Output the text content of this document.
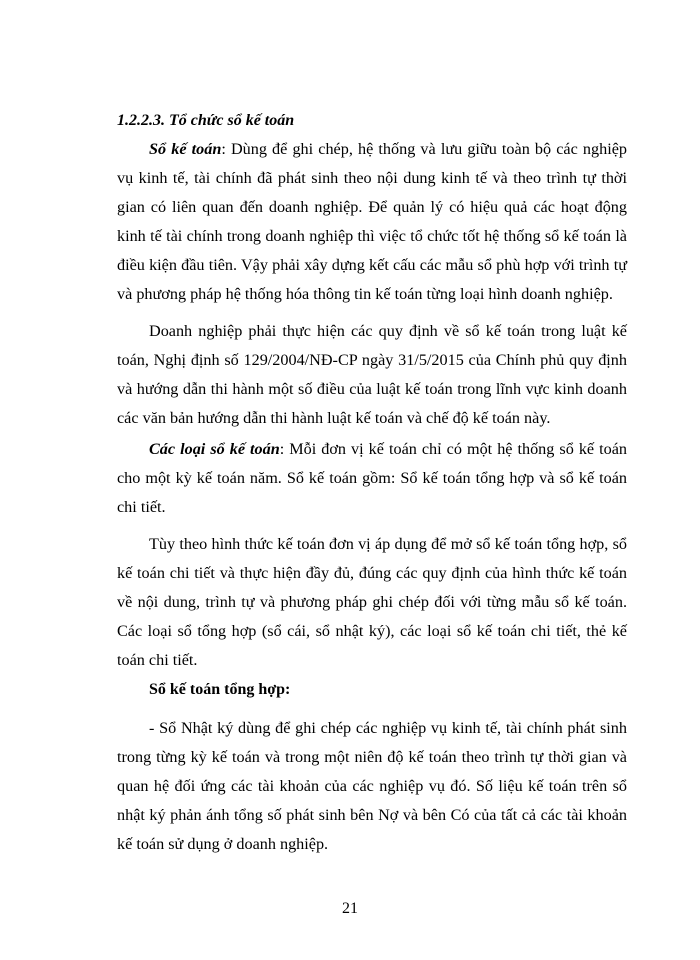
1.2.2.3. Tổ chức sổ kế toán

Sổ kế toán: Dùng để ghi chép, hệ thống và lưu giữu toàn bộ các nghiệp vụ kinh tế, tài chính đã phát sinh theo nội dung kinh tế và theo trình tự thời gian có liên quan đến doanh nghiệp. Để quản lý có hiệu quả các hoạt động kinh tế tài chính trong doanh nghiệp thì việc tổ chức tốt hệ thống sổ kế toán là điều kiện đầu tiên. Vậy phải xây dựng kết cấu các mẫu sổ phù hợp với trình tự và phương pháp hệ thống hóa thông tin kế toán từng loại hình doanh nghiệp.

Doanh nghiệp phải thực hiện các quy định về sổ kế toán trong luật kế toán, Nghị định số 129/2004/NĐ-CP ngày 31/5/2015 của Chính phủ quy định và hướng dẫn thi hành một số điều của luật kế toán trong lĩnh vực kinh doanh các văn bản hướng dẫn thi hành luật kế toán và chế độ kế toán này.

Các loại sổ kế toán: Mỗi đơn vị kế toán chỉ có một hệ thống sổ kế toán cho một kỳ kế toán năm. Sổ kế toán gồm: Sổ kế toán tổng hợp và sổ kế toán chi tiết.

Tùy theo hình thức kế toán đơn vị áp dụng để mở sổ kế toán tổng hợp, sổ kế toán chi tiết và thực hiện đầy đủ, đúng các quy định của hình thức kế toán về nội dung, trình tự và phương pháp ghi chép đối với từng mẫu sổ kế toán. Các loại sổ tổng hợp (sổ cái, sổ nhật ký), các loại sổ kế toán chi tiết, thẻ kế toán chi tiết.

Sổ kế toán tổng hợp:

- Sổ Nhật ký dùng để ghi chép các nghiệp vụ kinh tế, tài chính phát sinh trong từng kỳ kế toán và trong một niên độ kế toán theo trình tự thời gian và quan hệ đối ứng các tài khoản của các nghiệp vụ đó. Số liệu kế toán trên sổ nhật ký phản ánh tổng số phát sinh bên Nợ và bên Có của tất cả các tài khoản kế toán sử dụng ở doanh nghiệp.

21
